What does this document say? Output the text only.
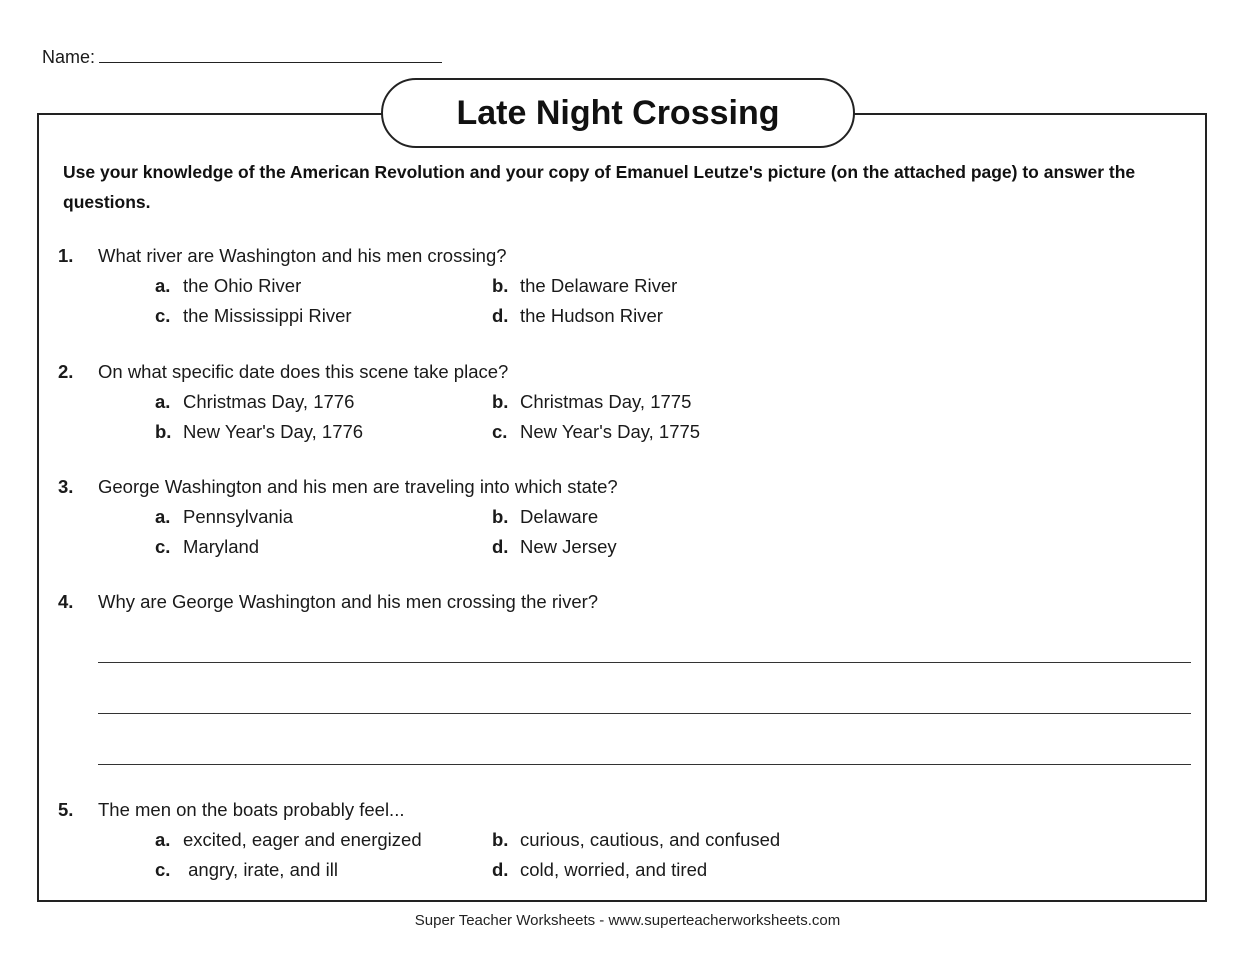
Name:
Late Night Crossing
Use your knowledge of the American Revolution and your copy of Emanuel Leutze's picture (on the attached page) to answer the questions.
1. What river are Washington and his men crossing?
a. the Ohio River	b. the Delaware River
c. the Mississippi River	d. the Hudson River
2. On what specific date does this scene take place?
a. Christmas Day, 1776	b. Christmas Day, 1775
b. New Year's Day, 1776	c. New Year's Day, 1775
3. George Washington and his men are traveling into which state?
a. Pennsylvania	b. Delaware
c. Maryland	d. New Jersey
4. Why are George Washington and his men crossing the river?
5. The men on the boats probably feel...
a. excited, eager and energized	b. curious, cautious, and confused
c. angry, irate, and ill	d. cold, worried, and tired
Super Teacher Worksheets - www.superteacherworksheets.com
